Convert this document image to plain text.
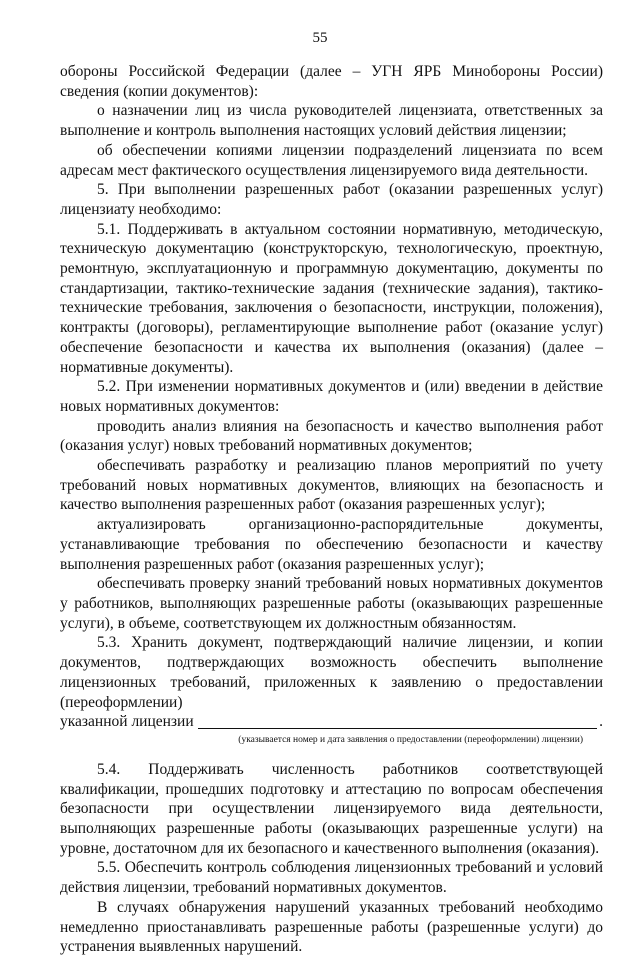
55

обороны Российской Федерации (далее – УГН ЯРБ Минобороны России) сведения (копии документов):

о назначении лиц из числа руководителей лицензиата, ответственных за выполнение и контроль выполнения настоящих условий действия лицензии;

об обеспечении копиями лицензии подразделений лицензиата по всем адресам мест фактического осуществления лицензируемого вида деятельности.

5. При выполнении разрешенных работ (оказании разрешенных услуг) лицензиату необходимо:

5.1. Поддерживать в актуальном состоянии нормативную, методическую, техническую документацию (конструкторскую, технологическую, проектную, ремонтную, эксплуатационную и программную документацию, документы по стандартизации, тактико-технические задания (технические задания), тактико-технические требования, заключения о безопасности, инструкции, положения), контракты (договоры), регламентирующие выполнение работ (оказание услуг) обеспечение безопасности и качества их выполнения (оказания) (далее – нормативные документы).

5.2. При изменении нормативных документов и (или) введении в действие новых нормативных документов:

проводить анализ влияния на безопасность и качество выполнения работ (оказания услуг) новых требований нормативных документов;

обеспечивать разработку и реализацию планов мероприятий по учету требований новых нормативных документов, влияющих на безопасность и качество выполнения разрешенных работ (оказания разрешенных услуг);

актуализировать организационно-распорядительные документы, устанавливающие требования по обеспечению безопасности и качеству выполнения разрешенных работ (оказания разрешенных услуг);

обеспечивать проверку знаний требований новых нормативных документов у работников, выполняющих разрешенные работы (оказывающих разрешенные услуги), в объеме, соответствующем их должностным обязанностям.

5.3. Хранить документ, подтверждающий наличие лицензии, и копии документов, подтверждающих возможность обеспечить выполнение лицензионных требований, приложенных к заявлению о предоставлении (переоформлении)

указанной лицензии	.
(указывается номер и дата заявления о предоставлении (переоформлении) лицензии)

5.4. Поддерживать численность работников соответствующей квалификации, прошедших подготовку и аттестацию по вопросам обеспечения безопасности при осуществлении лицензируемого вида деятельности, выполняющих разрешенные работы (оказывающих разрешенные услуги) на уровне, достаточном для их безопасного и качественного выполнения (оказания).

5.5. Обеспечить контроль соблюдения лицензионных требований и условий действия лицензии, требований нормативных документов.

В случаях обнаружения нарушений указанных требований необходимо немедленно приостанавливать разрешенные работы (разрешенные услуги) до устранения выявленных нарушений.
